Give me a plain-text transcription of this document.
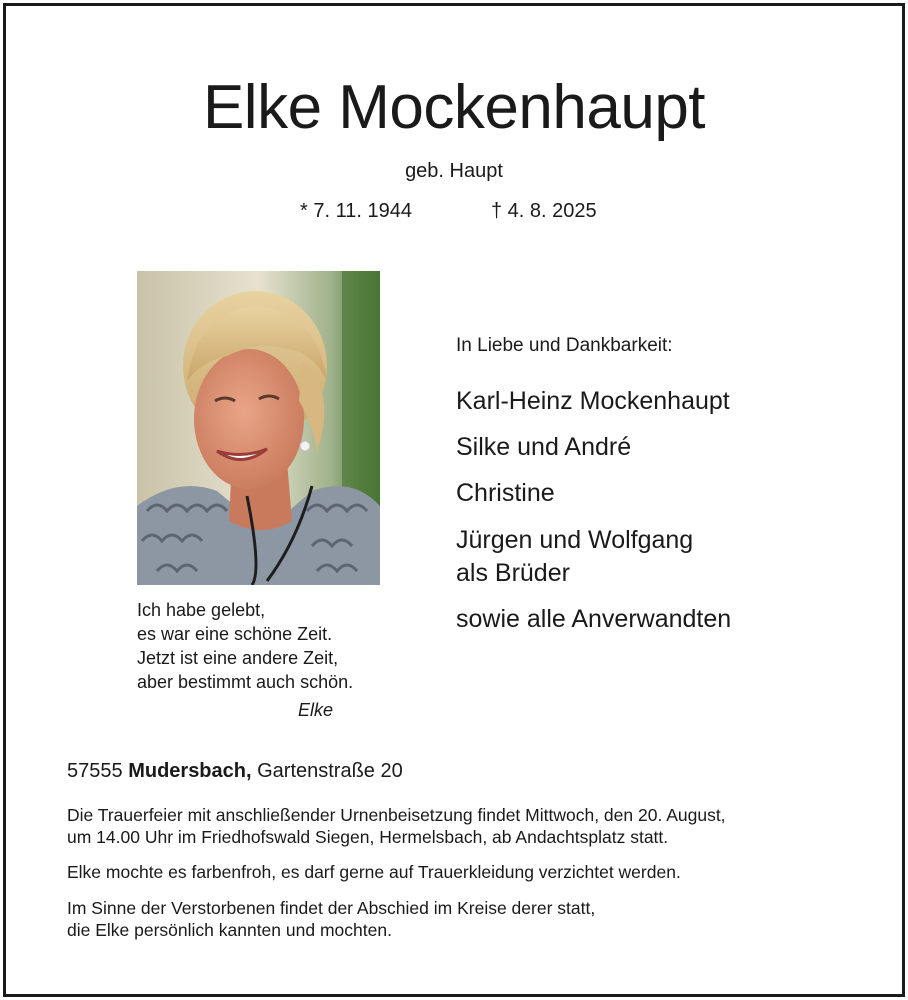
Elke Mockenhaupt
geb. Haupt
* 7. 11. 1944	† 4. 8. 2025
Ich habe gelebt,
es war eine schöne Zeit.
Jetzt ist eine andere Zeit,
aber bestimmt auch schön.
Elke
In Liebe und Dankbarkeit:
Karl-Heinz Mockenhaupt
Silke und André
Christine
Jürgen und Wolfgang
als Brüder
sowie alle Anverwandten
57555 Mudersbach, Gartenstraße 20
Die Trauerfeier mit anschließender Urnenbeisetzung findet Mittwoch, den 20. August,
um 14.00 Uhr im Friedhofswald Siegen, Hermelsbach, ab Andachtsplatz statt.
Elke mochte es farbenfroh, es darf gerne auf Trauerkleidung verzichtet werden.
Im Sinne der Verstorbenen findet der Abschied im Kreise derer statt,
die Elke persönlich kannten und mochten.
